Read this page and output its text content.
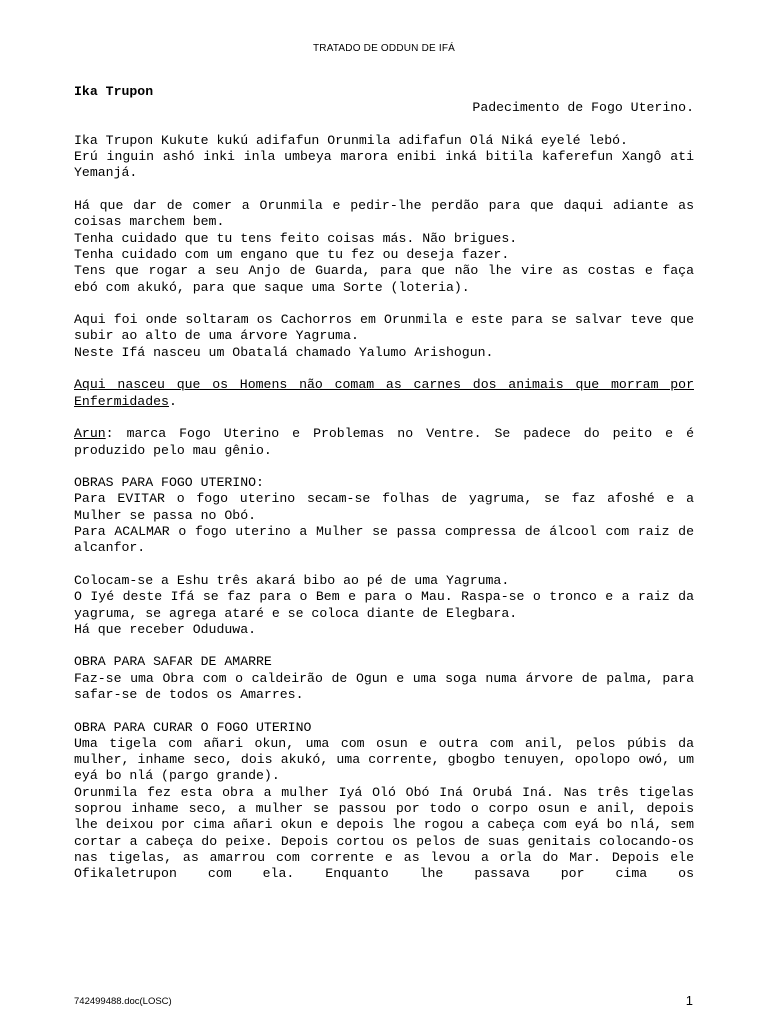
TRATADO DE ODDUN DE IFÁ
Ika Trupon
Padecimento de Fogo Uterino.

Ika Trupon Kukute kukú adifafun Orunmila adifafun Olá Niká eyelé lebó.
Erú inguin ashó inki inla umbeya marora enibi inká bitila kaferefun Xangô ati Yemanjá.

Há que dar de comer a Orunmila e pedir-lhe perdão para que daqui adiante as coisas marchem bem.
Tenha cuidado que tu tens feito coisas más. Não brigues.
Tenha cuidado com um engano que tu fez ou deseja fazer.
Tens que rogar a seu Anjo de Guarda, para que não lhe vire as costas e faça ebó com akukó, para que saque uma Sorte (loteria).

Aqui foi onde soltaram os Cachorros em Orunmila e este para se salvar teve que subir ao alto de uma árvore Yagruma.
Neste Ifá nasceu um Obatalá chamado Yalumo Arishogun.

Aqui nasceu que os Homens não comam as carnes dos animais que morram por Enfermidades.

Arun: marca Fogo Uterino e Problemas no Ventre. Se padece do peito e é produzido pelo mau gênio.

OBRAS PARA FOGO UTERINO:
Para EVITAR o fogo uterino secam-se folhas de yagruma, se faz afoshé e a Mulher se passa no Obó.
Para ACALMAR o fogo uterino a Mulher se passa compressa de álcool com raiz de alcanfor.

Colocam-se a Eshu três akará bibo ao pé de uma Yagruma.
O Iyé deste Ifá se faz para o Bem e para o Mau. Raspa-se o tronco e a raiz da yagruma, se agrega ataré e se coloca diante de Elegbara.
Há que receber Oduduwa.

OBRA PARA SAFAR DE AMARRE
Faz-se uma Obra com o caldeirão de Ogun e uma soga numa árvore de palma, para safar-se de todos os Amarres.

OBRA PARA CURAR O FOGO UTERINO
Uma tigela com añari okun, uma com osun e outra com anil, pelos púbis da mulher, inhame seco, dois akukó, uma corrente, gbogbo tenuyen, opolopo owó, um eyá bo nlá (pargo grande).
Orunmila fez esta obra a mulher Iyá Oló Obó Iná Orubá Iná. Nas três tigelas soprou inhame seco, a mulher se passou por todo o corpo osun e anil, depois lhe deixou por cima añari okun e depois lhe rogou a cabeça com eyá bo nlá, sem cortar a cabeça do peixe. Depois cortou os pelos de suas genitais colocando-os nas tigelas, as amarrou com corrente e as levou a orla do Mar. Depois ele Ofikaletrupon com ela. Enquanto lhe passava por cima os

742499488.doc(LOSC)	1
